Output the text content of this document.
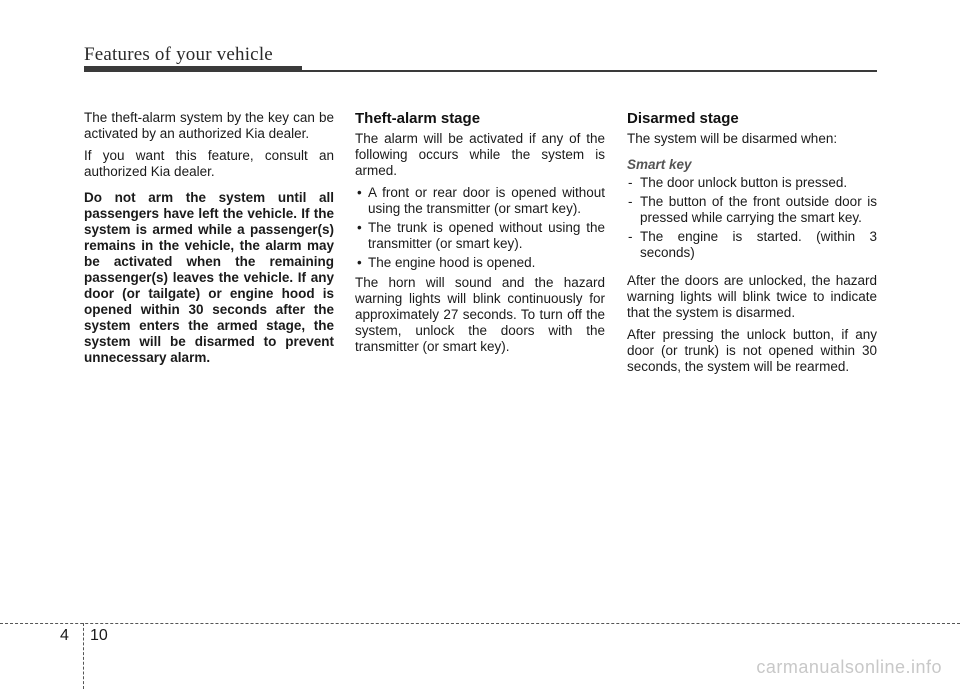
Features of your vehicle

The theft-alarm system by the key can be activated by an authorized Kia dealer.

If you want this feature, consult an authorized Kia dealer.

Do not arm the system until all passengers have left the vehicle. If the system is armed while a passenger(s) remains in the vehicle, the alarm may be activated when the remaining passenger(s) leaves the vehicle. If any door (or tailgate) or engine hood is opened within 30 seconds after the system enters the armed stage, the system will be disarmed to prevent unnecessary alarm.

Theft-alarm stage

The alarm will be activated if any of the following occurs while the system is armed.

• A front or rear door is opened without using the transmitter (or smart key).
• The trunk is opened without using the transmitter (or smart key).
• The engine hood is opened.

The horn will sound and the hazard warning lights will blink continuously for approximately 27 seconds. To turn off the system, unlock the doors with the transmitter (or smart key).

Disarmed stage

The system will be disarmed when:

Smart key
- The door unlock button is pressed.
- The button of the front outside door is pressed while carrying the smart key.
- The engine is started. (within 3 seconds)

After the doors are unlocked, the hazard warning lights will blink twice to indicate that the system is disarmed.

After pressing the unlock button, if any door (or trunk) is not opened within 30 seconds, the system will be rearmed.

4 10
carmanualsonline.info
